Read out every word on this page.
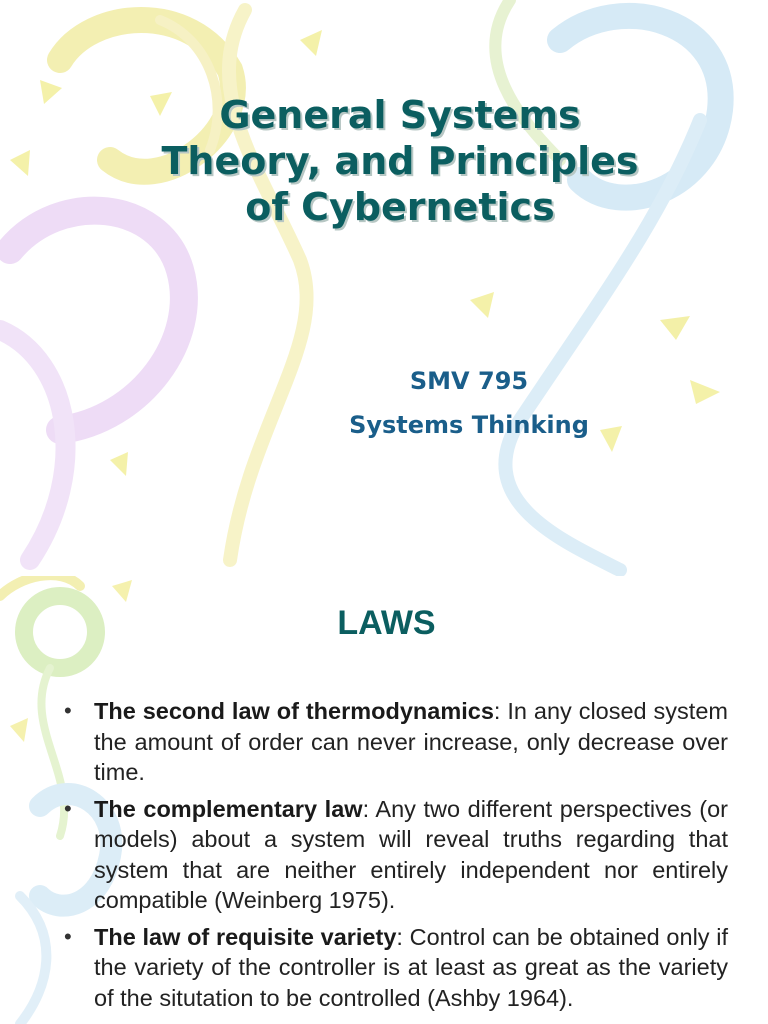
General Systems
Theory, and Principles
of Cybernetics

SMV 795

Systems Thinking

LAWS
• The second law of thermodynamics: In any closed system the amount of order can never increase, only decrease over time.
• The complementary law: Any two different perspectives (or models) about a system will reveal truths regarding that system that are neither entirely independent nor entirely compatible (Weinberg 1975).
• The law of requisite variety: Control can be obtained only if the variety of the controller is at least as great as the variety of the situtation to be controlled (Ashby 1964).
